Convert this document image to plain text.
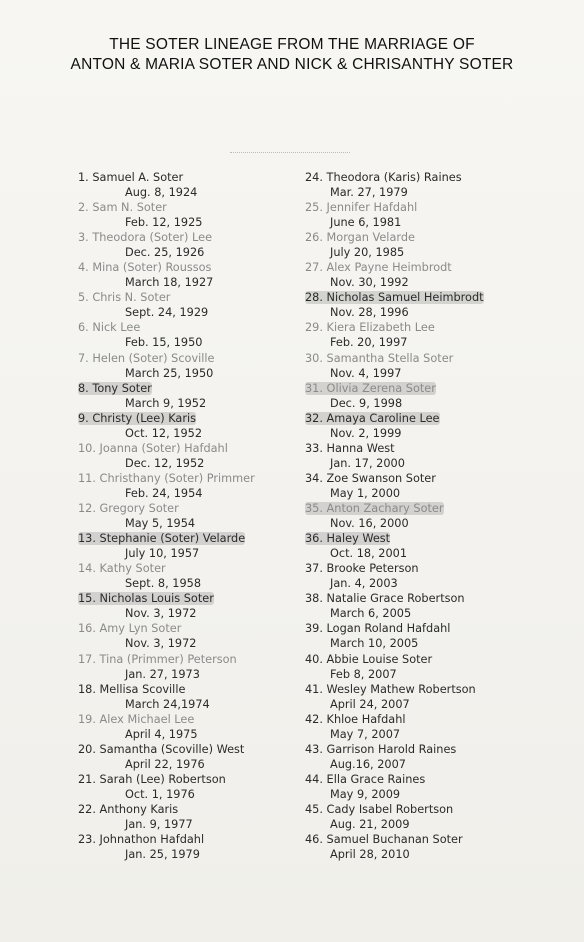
THE SOTER LINEAGE FROM THE MARRIAGE OF
ANTON & MARIA SOTER AND NICK & CHRISANTHY SOTER
1. Samuel A. Soter
Aug. 8, 1924
2. Sam N. Soter
Feb. 12, 1925
3. Theodora (Soter) Lee
Dec. 25, 1926
4. Mina (Soter) Roussos
March 18, 1927
5. Chris N. Soter
Sept. 24, 1929
6. Nick Lee
Feb. 15, 1950
7. Helen (Soter) Scoville
March 25, 1950
8. Tony Soter
March 9, 1952
9. Christy (Lee) Karis
Oct. 12, 1952
10. Joanna (Soter) Hafdahl
Dec. 12, 1952
11. Christhany (Soter) Primmer
Feb. 24, 1954
12. Gregory Soter
May 5, 1954
13. Stephanie (Soter) Velarde
July 10, 1957
14. Kathy Soter
Sept. 8, 1958
15. Nicholas Louis Soter
Nov. 3, 1972
16. Amy Lyn Soter
Nov. 3, 1972
17. Tina (Primmer) Peterson
Jan. 27, 1973
18. Mellisa Scoville
March 24,1974
19. Alex Michael Lee
April 4, 1975
20. Samantha (Scoville) West
April 22, 1976
21. Sarah (Lee) Robertson
Oct. 1, 1976
22. Anthony Karis
Jan. 9, 1977
23. Johnathon Hafdahl
Jan. 25, 1979
24. Theodora (Karis) Raines
Mar. 27, 1979
25. Jennifer Hafdahl
June 6, 1981
26. Morgan Velarde
July 20, 1985
27. Alex Payne Heimbrodt
Nov. 30, 1992
28. Nicholas Samuel Heimbrodt
Nov. 28, 1996
29. Kiera Elizabeth Lee
Feb. 20, 1997
30. Samantha Stella Soter
Nov. 4, 1997
31. Olivia Zerena Soter
Dec. 9, 1998
32. Amaya Caroline Lee
Nov. 2, 1999
33. Hanna West
Jan. 17, 2000
34. Zoe Swanson Soter
May 1, 2000
35. Anton Zachary Soter
Nov. 16, 2000
36. Haley West
Oct. 18, 2001
37. Brooke Peterson
Jan. 4, 2003
38. Natalie Grace Robertson
March 6, 2005
39. Logan Roland Hafdahl
March 10, 2005
40. Abbie Louise Soter
Feb 8, 2007
41. Wesley Mathew Robertson
April 24, 2007
42. Khloe Hafdahl
May 7, 2007
43. Garrison Harold Raines
Aug.16, 2007
44. Ella Grace Raines
May 9, 2009
45. Cady Isabel Robertson
Aug. 21, 2009
46. Samuel Buchanan Soter
April 28, 2010
